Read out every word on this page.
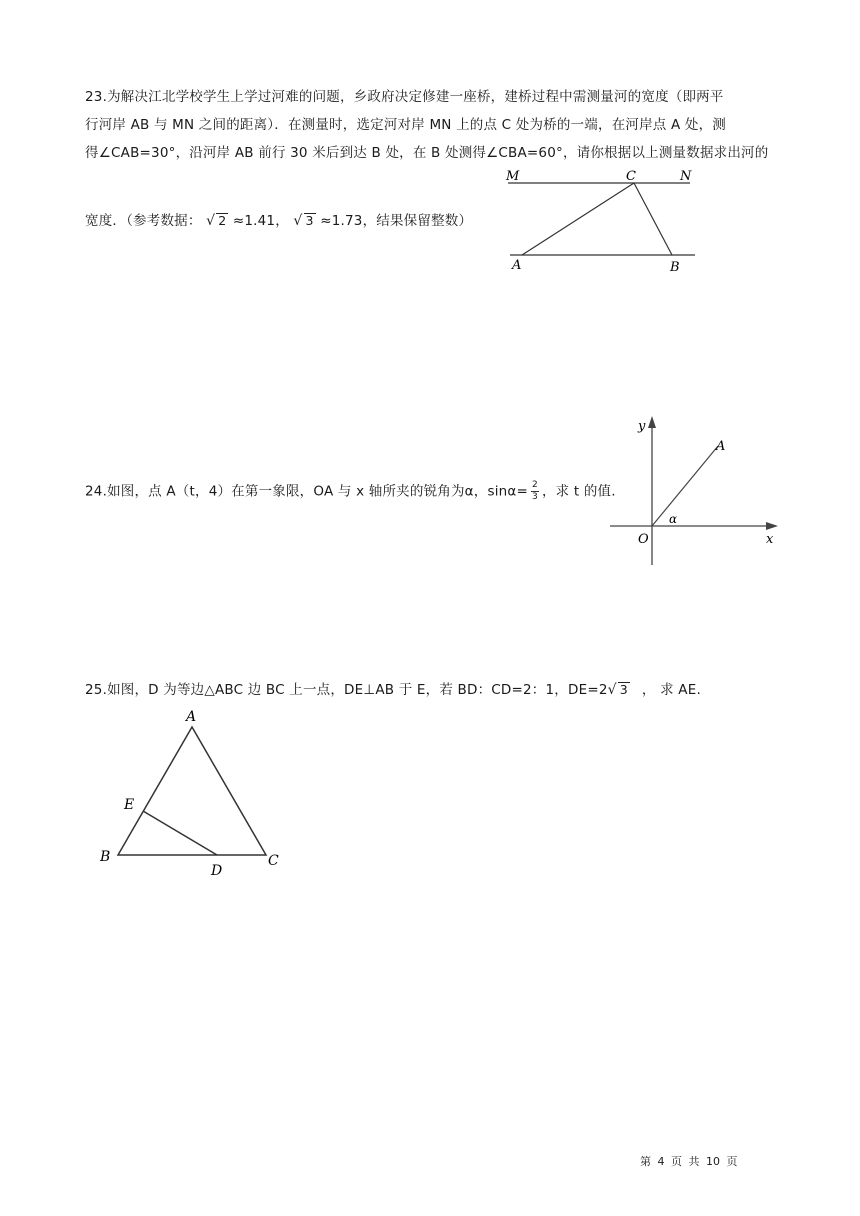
23.为解决江北学校学生上学过河难的问题，乡政府决定修建一座桥，建桥过程中需测量河的宽度（即两平
行河岸 AB 与 MN 之间的距离）．在测量时，选定河对岸 MN 上的点 C 处为桥的一端，在河岸点 A 处，测
得∠CAB=30°，沿河岸 AB 前行 30 米后到达 B 处，在 B 处测得∠CBA=60°，请你根据以上测量数据求出河的
宽度．（参考数据： √ 2 ≈1.41， √ 3 ≈1.73，结果保留整数）
M	C	N
A	B
24.如图，点 A（t，4）在第一象限，OA 与 x 轴所夹的锐角为α，$\sin\alpha= \frac{2}{3}$ ，求 t 的值.
y
A
α
O	x
25.如图，D 为等边△ABC 边 BC 上一点，DE⊥AB 于 E，若 BD：CD=2：1，DE=2√ 3 ， 求 AE.
A
E
B
D
C
第 4 页 共 10 页
